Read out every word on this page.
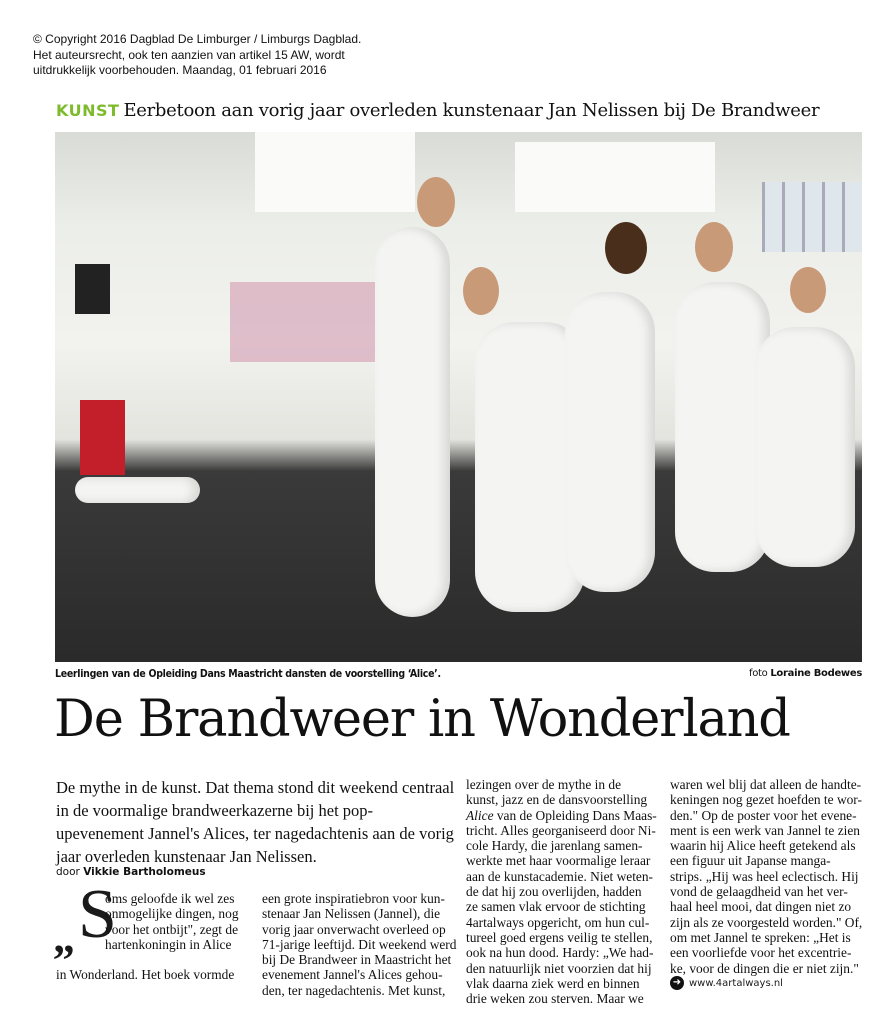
© Copyright 2016 Dagblad De Limburger / Limburgs Dagblad.
Het auteursrecht, ook ten aanzien van artikel 15 AW, wordt
uitdrukkelijk voorbehouden. Maandag, 01 februari 2016
KUNST Eerbetoon aan vorig jaar overleden kunstenaar Jan Nelissen bij De Brandweer
Leerlingen van de Opleiding Dans Maastricht dansten de voorstelling ‘Alice’.	foto Loraine Bodewes
De Brandweer in Wonderland
De mythe in de kunst. Dat thema stond dit weekend centraal in de voormalige brandweerkazerne bij het pop-upevenement Jannel's Alices, ter nagedachtenis aan de vorig jaar overleden kunstenaar Jan Nelissen.
door Vikkie Bartholomeus
„ S
oms geloofde ik wel zes
onmogelijke dingen, nog
voor het ontbijt", zegt de
hartenkoningin in Alice
in Wonderland. Het boek vormde
een grote inspiratiebron voor kun-
stenaar Jan Nelissen (Jannel), die
vorig jaar onverwacht overleed op
71-jarige leeftijd. Dit weekend werd
bij De Brandweer in Maastricht het
evenement Jannel's Alices gehou-
den, ter nagedachtenis. Met kunst,
lezingen over de mythe in de
kunst, jazz en de dansvoorstelling
Alice van de Opleiding Dans Maas-
tricht. Alles georganiseerd door Ni-
cole Hardy, die jarenlang samen-
werkte met haar voormalige leraar
aan de kunstacademie. Niet weten-
de dat hij zou overlijden, hadden
ze samen vlak ervoor de stichting
4artalways opgericht, om hun cul-
tureel goed ergens veilig te stellen,
ook na hun dood. Hardy: „We had-
den natuurlijk niet voorzien dat hij
vlak daarna ziek werd en binnen
drie weken zou sterven. Maar we
waren wel blij dat alleen de handte-
keningen nog gezet hoefden te wor-
den." Op de poster voor het evene-
ment is een werk van Jannel te zien
waarin hij Alice heeft getekend als
een figuur uit Japanse manga-
strips. „Hij was heel eclectisch. Hij
vond de gelaagdheid van het ver-
haal heel mooi, dat dingen niet zo
zijn als ze voorgesteld worden." Of,
om met Jannel te spreken: „Het is
een voorliefde voor het excentrie-
ke, voor de dingen die er niet zijn."
➜ www.4artalways.nl
